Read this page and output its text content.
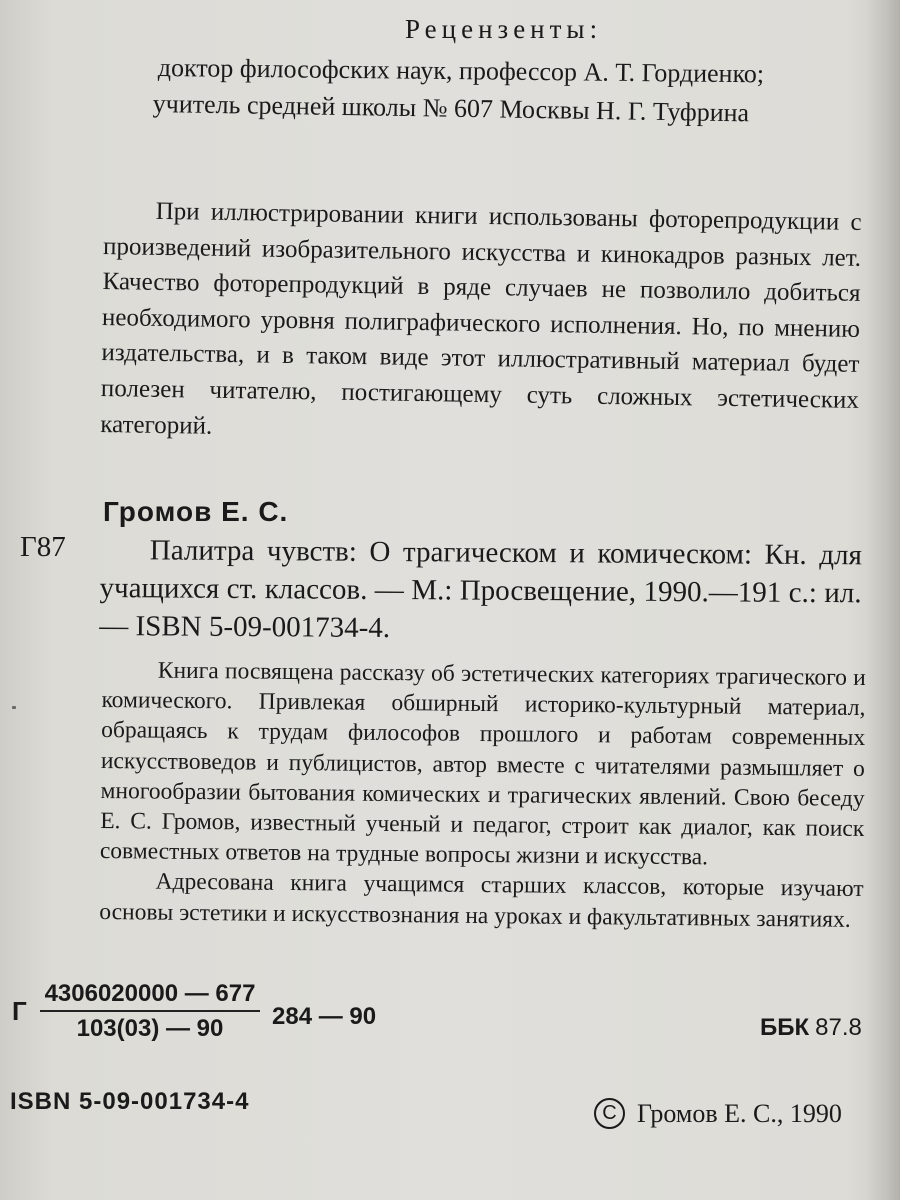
Рецензенты:
доктор философских наук, профессор А. Т. Гордиенко;
учитель средней школы № 607 Москвы Н. Г. Туфрина
При иллюстрировании книги использованы фоторепродукции с произведений изобразительного искусства и кинокадров разных лет. Качество фоторепродукций в ряде случаев не позволило добиться необходимого уровня полиграфического исполнения. Но, по мнению издательства, и в таком виде этот иллюстративный материал будет полезен читателю, постигающему суть сложных эстетических категорий.
Громов Е. С.
Г87	Палитра чувств: О трагическом и комическом: Кн. для учащихся ст. классов. — М.: Просвещение, 1990.—191 с.: ил.— ISBN 5-09-001734-4.

Книга посвящена рассказу об эстетических категориях трагического и комического. Привлекая обширный историко-культурный материал, обращаясь к трудам философов прошлого и работам современных искусствоведов и публицистов, автор вместе с читателями размышляет о многообразии бытования комических и трагических явлений. Свою беседу Е. С. Громов, известный ученый и педагог, строит как диалог, как поиск совместных ответов на трудные вопросы жизни и искусства.

Адресована книга учащимся старших классов, которые изучают основы эстетики и искусствознания на уроках и факультативных занятиях.

Г
4306020000 — 677
103(03) — 90	284 — 90	ББК 87.8
ISBN 5-09-001734-4
C	Громов Е. С., 1990
